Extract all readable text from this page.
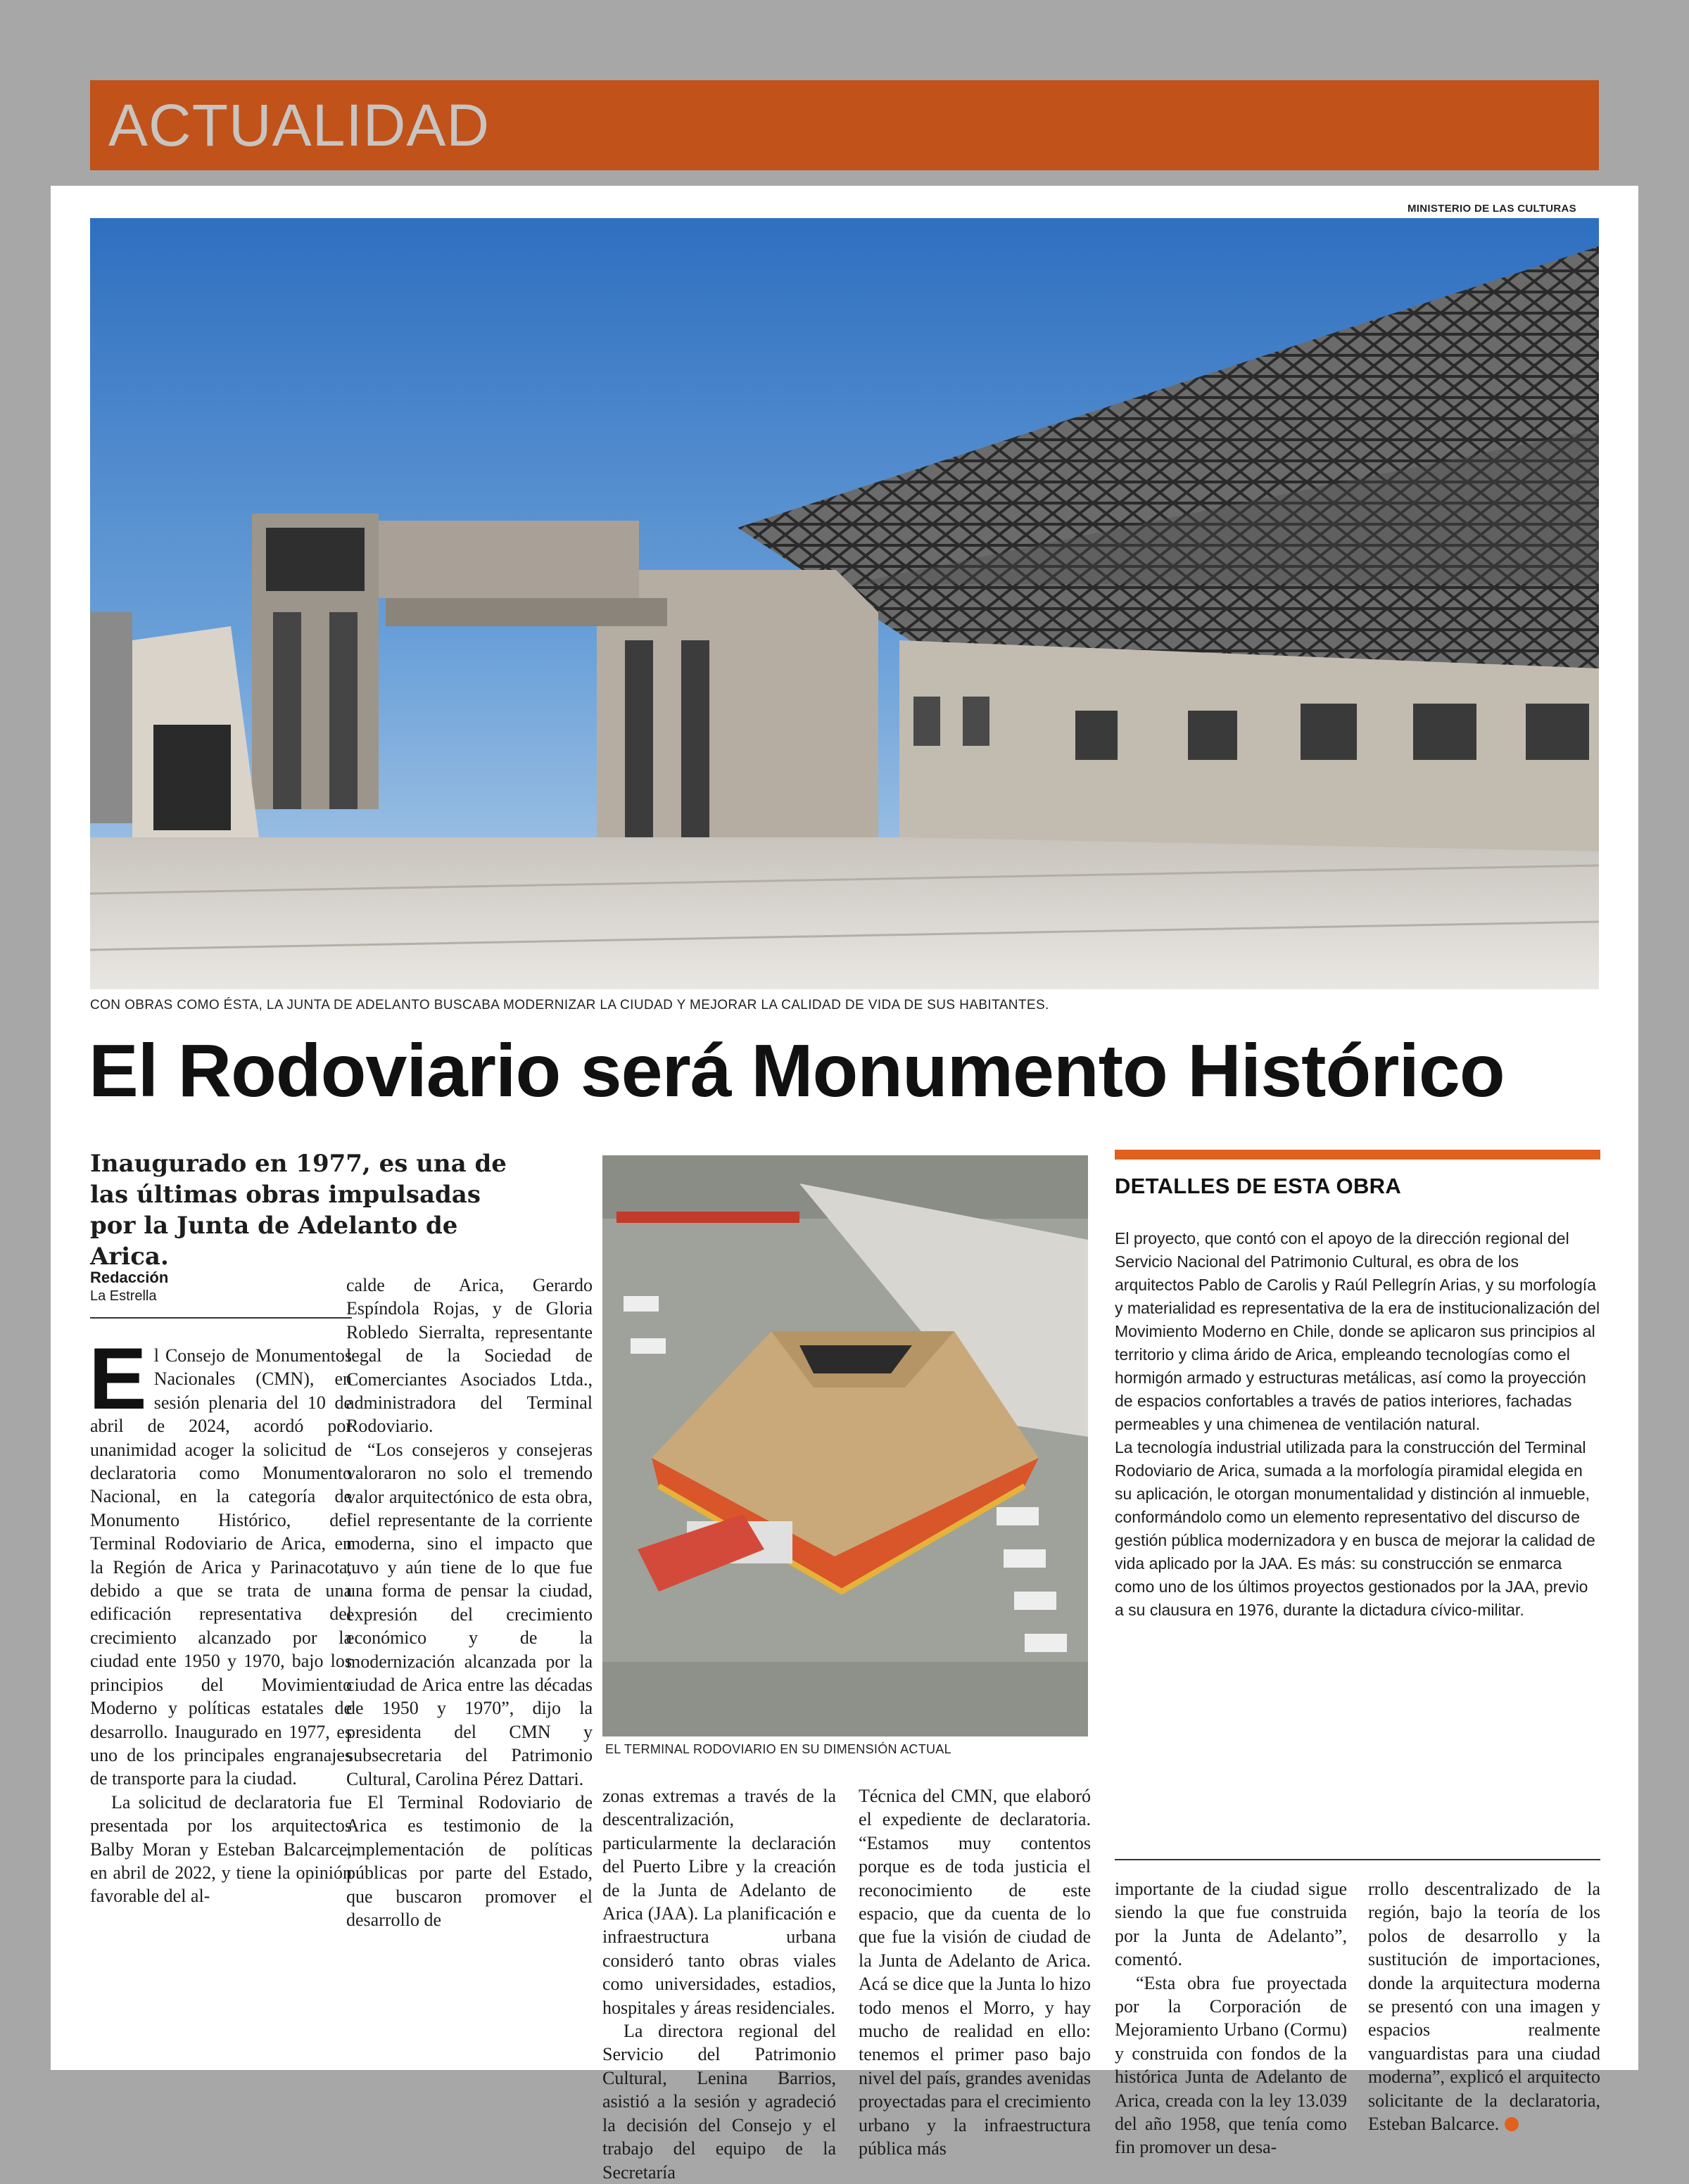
ACTUALIDAD
MINISTERIO DE LAS CULTURAS
CON OBRAS COMO ÉSTA, LA JUNTA DE ADELANTO BUSCABA MODERNIZAR LA CIUDAD Y MEJORAR LA CALIDAD DE VIDA DE SUS HABITANTES.
El Rodoviario será Monumento Histórico
Inaugurado en 1977, es una de las últimas obras impulsadas por la Junta de Adelanto de Arica.
Redacción
La Estrella

El Consejo de Monumentos Nacionales (CMN), en sesión plenaria del 10 de abril de 2024, acordó por unanimidad acoger la solicitud de declaratoria como Monumento Nacional, en la categoría de Monumento Histórico, del Terminal Rodoviario de Arica, en la Región de Arica y Parinacota, debido a que se trata de una edificación representativa del crecimiento alcanzado por la ciudad ente 1950 y 1970, bajo los principios del Movimiento Moderno y políticas estatales de desarrollo. Inaugurado en 1977, es uno de los principales engranajes de transporte para la ciudad.

La solicitud de declaratoria fue presentada por los arquitectos Balby Moran y Esteban Balcarce, en abril de 2022, y tiene la opinión favorable del al-

calde de Arica, Gerardo Espíndola Rojas, y de Gloria Robledo Sierralta, representante legal de la Sociedad de Comerciantes Asociados Ltda., administradora del Terminal Rodoviario.

“Los consejeros y consejeras valoraron no solo el tremendo valor arquitectónico de esta obra, fiel representante de la corriente moderna, sino el impacto que tuvo y aún tiene de lo que fue una forma de pensar la ciudad, expresión del crecimiento económico y de la modernización alcanzada por la ciudad de Arica entre las décadas de 1950 y 1970”, dijo la presidenta del CMN y subsecretaria del Patrimonio Cultural, Carolina Pérez Dattari.

El Terminal Rodoviario de Arica es testimonio de la implementación de políticas públicas por parte del Estado, que buscaron promover el desarrollo de

EL TERMINAL RODOVIARIO EN SU DIMENSIÓN ACTUAL

zonas extremas a través de la descentralización, particularmente la declaración del Puerto Libre y la creación de la Junta de Adelanto de Arica (JAA). La planificación e infraestructura urbana consideró tanto obras viales como universidades, estadios, hospitales y áreas residenciales.

La directora regional del Servicio del Patrimonio Cultural, Lenina Barrios, asistió a la sesión y agradeció la decisión del Consejo y el trabajo del equipo de la Secretaría

Técnica del CMN, que elaboró el expediente de declaratoria. “Estamos muy contentos porque es de toda justicia el reconocimiento de este espacio, que da cuenta de lo que fue la visión de ciudad de la Junta de Adelanto de Arica. Acá se dice que la Junta lo hizo todo menos el Morro, y hay mucho de realidad en ello: tenemos el primer paso bajo nivel del país, grandes avenidas proyectadas para el crecimiento urbano y la infraestructura pública más

DETALLES DE ESTA OBRA

El proyecto, que contó con el apoyo de la dirección regional del Servicio Nacional del Patrimonio Cultural, es obra de los arquitectos Pablo de Carolis y Raúl Pellegrín Arias, y su morfología y materialidad es representativa de la era de institucionalización del Movimiento Moderno en Chile, donde se aplicaron sus principios al territorio y clima árido de Arica, empleando tecnologías como el hormigón armado y estructuras metálicas, así como la proyección de espacios confortables a través de patios interiores, fachadas permeables y una chimenea de ventilación natural.

La tecnología industrial utilizada para la construcción del Terminal Rodoviario de Arica, sumada a la morfología piramidal elegida en su aplicación, le otorgan monumentalidad y distinción al inmueble, conformándolo como un elemento representativo del discurso de gestión pública modernizadora y en busca de mejorar la calidad de vida aplicado por la JAA. Es más: su construcción se enmarca como uno de los últimos proyectos gestionados por la JAA, previo a su clausura en 1976, durante la dictadura cívico-militar.

importante de la ciudad sigue siendo la que fue construida por la Junta de Adelanto”, comentó.

“Esta obra fue proyectada por la Corporación de Mejoramiento Urbano (Cormu) y construida con fondos de la histórica Junta de Adelanto de Arica, creada con la ley 13.039 del año 1958, que tenía como fin promover un desa-

rrollo descentralizado de la región, bajo la teoría de los polos de desarrollo y la sustitución de importaciones, donde la arquitectura moderna se presentó con una imagen y espacios realmente vanguardistas para una ciudad moderna”, explicó el arquitecto solicitante de la declaratoria, Esteban Balcarce.
